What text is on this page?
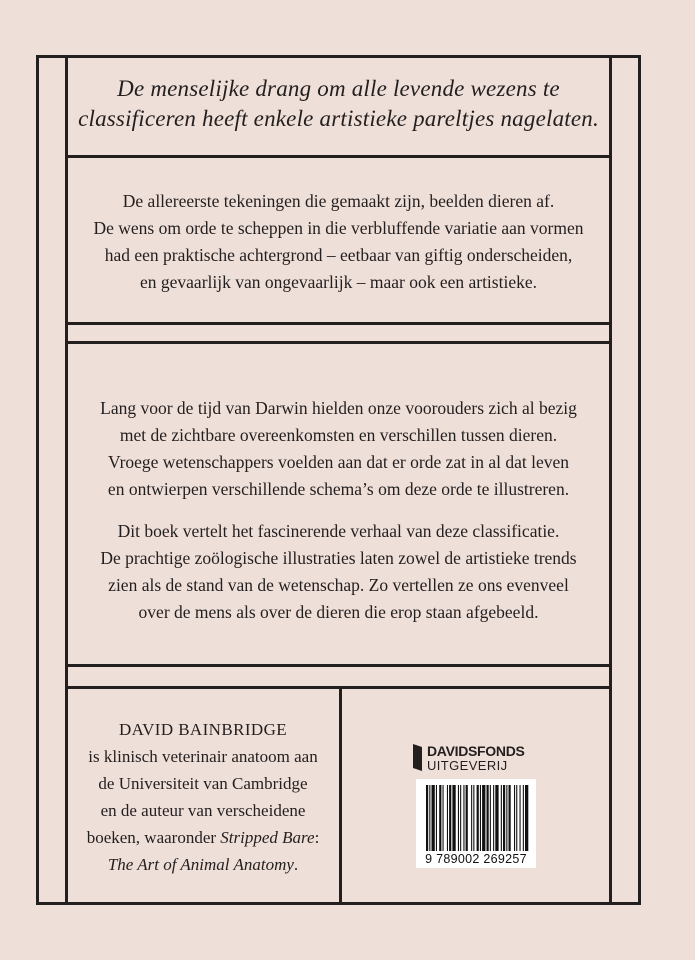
De menselijke drang om alle levende wezens te
classificeren heeft enkele artistieke pareltjes nagelaten.
De allereerste tekeningen die gemaakt zijn, beelden dieren af.
De wens om orde te scheppen in die verbluffende variatie aan vormen
had een praktische achtergrond – eetbaar van giftig onderscheiden,
en gevaarlijk van ongevaarlijk – maar ook een artistieke.
Lang voor de tijd van Darwin hielden onze voorouders zich al bezig
met de zichtbare overeenkomsten en verschillen tussen dieren.
Vroege wetenschappers voelden aan dat er orde zat in al dat leven
en ontwierpen verschillende schema’s om deze orde te illustreren.
Dit boek vertelt het fascinerende verhaal van deze classificatie.
De prachtige zoölogische illustraties laten zowel de artistieke trends
zien als de stand van de wetenschap. Zo vertellen ze ons evenveel
over de mens als over de dieren die erop staan afgebeeld.
DAVID BAINBRIDGE
is klinisch veterinair anatoom aan
de Universiteit van Cambridge
en de auteur van verscheidene
boeken, waaronder Stripped Bare:
The Art of Animal Anatomy.
DAVIDSFONDS
UITGEVERIJ
9 789002 269257
